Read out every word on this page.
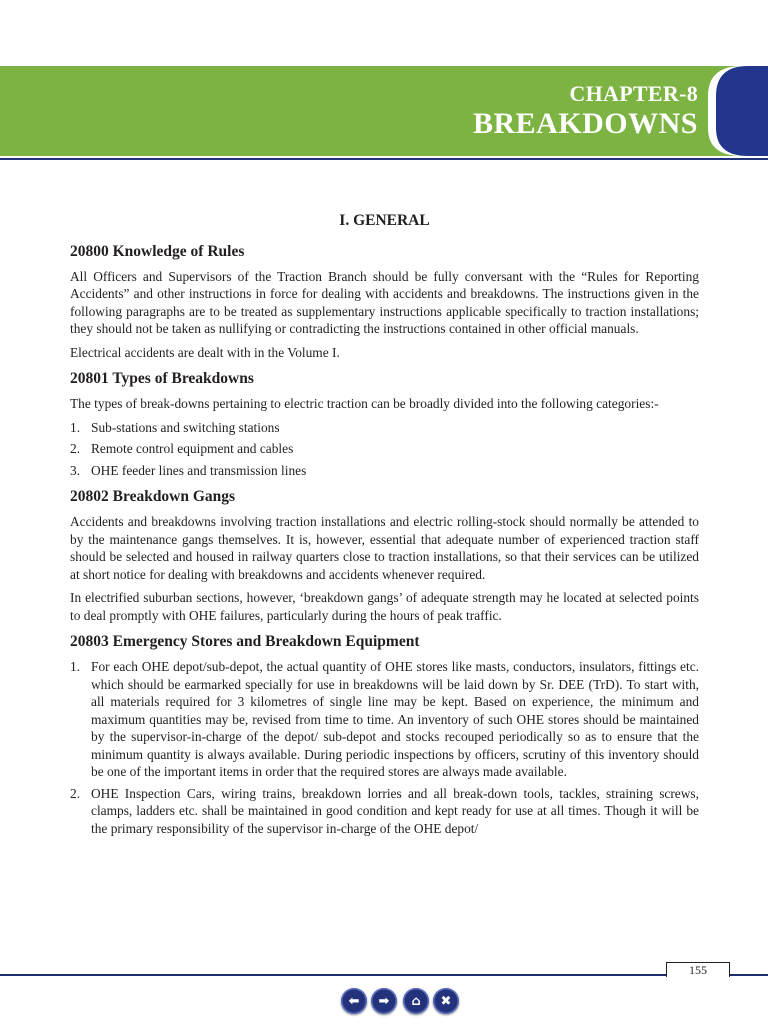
CHAPTER-8
BREAKDOWNS
I. GENERAL
20800 Knowledge of Rules

All Officers and Supervisors of the Traction Branch should be fully conversant with the “Rules for Reporting Accidents” and other instructions in force for dealing with accidents and breakdowns. The instructions given in the following paragraphs are to be treated as supplementary instructions applicable specifically to traction installations; they should not be taken as nullifying or contradicting the instructions contained in other official manuals.

Electrical accidents are dealt with in the Volume I.

20801 Types of Breakdowns

The types of break-downs pertaining to electric traction can be broadly divided into the following categories:-

1. Sub-stations and switching stations
2. Remote control equipment and cables
3. OHE feeder lines and transmission lines
20802 Breakdown Gangs

Accidents and breakdowns involving traction installations and electric rolling-stock should normally be attended to by the maintenance gangs themselves. It is, however, essential that adequate number of experienced traction staff should be selected and housed in railway quarters close to traction installations, so that their services can be utilized at short notice for dealing with breakdowns and accidents whenever required.

In electrified suburban sections, however, ‘breakdown gangs’ of adequate strength may he located at selected points to deal promptly with OHE failures, particularly during the hours of peak traffic.

20803 Emergency Stores and Breakdown Equipment
1. For each OHE depot/sub-depot, the actual quantity of OHE stores like masts, conductors, insulators, fittings etc. which should be earmarked specially for use in breakdowns will be laid down by Sr. DEE (TrD). To start with, all materials required for 3 kilometres of single line may be kept. Based on experience, the minimum and maximum quantities may be, revised from time to time. An inventory of such OHE stores should be maintained by the supervisor-in-charge of the depot/ sub-depot and stocks recouped periodically so as to ensure that the minimum quantity is always available. During periodic inspections by officers, scrutiny of this inventory should be one of the important items in order that the required stores are always made available.
2. OHE Inspection Cars, wiring trains, breakdown lorries and all break-down tools, tackles, straining screws, clamps, ladders etc. shall be maintained in good condition and kept ready for use at all times. Though it will be the primary responsibility of the supervisor in-charge of the OHE depot/
155
⬅ ➡ ⌂ ✖
